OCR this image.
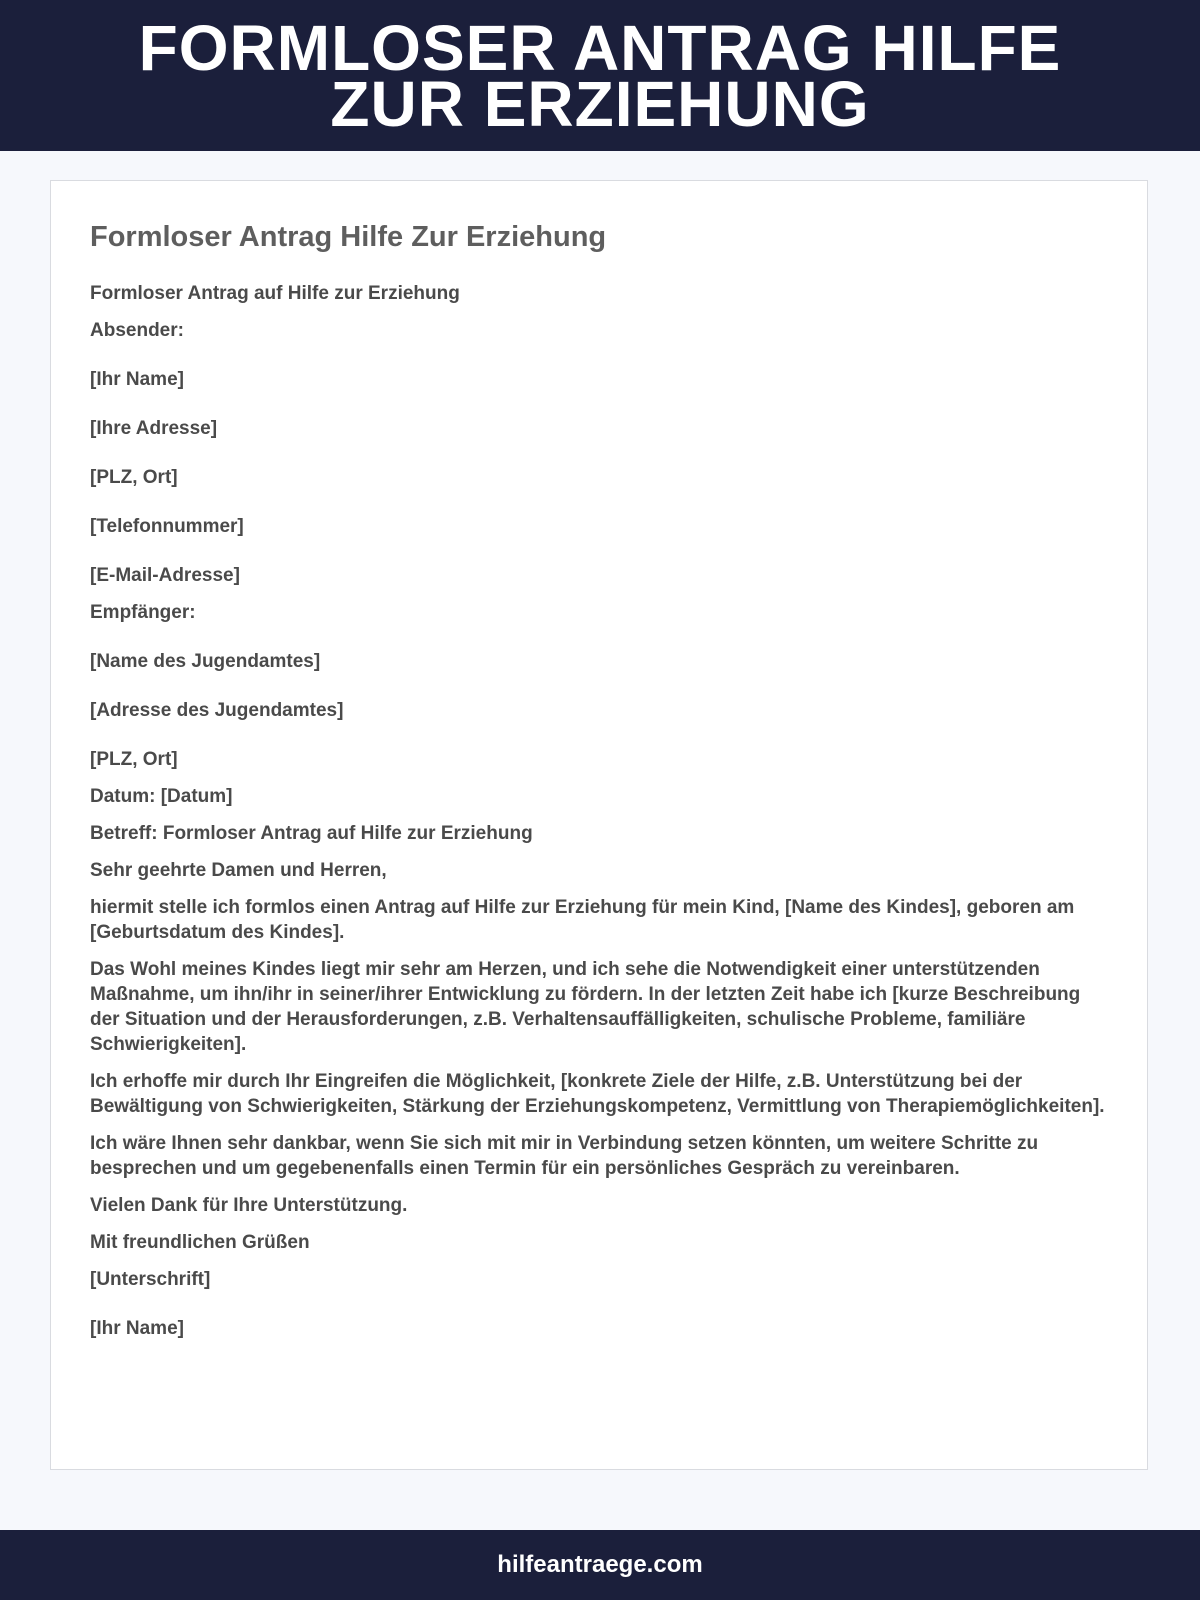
FORMLOSER ANTRAG HILFE
ZUR ERZIEHUNG
Formloser Antrag Hilfe Zur Erziehung

Formloser Antrag auf Hilfe zur Erziehung

Absender:

[Ihr Name]

[Ihre Adresse]

[PLZ, Ort]

[Telefonnummer]

[E-Mail-Adresse]

Empfänger:

[Name des Jugendamtes]

[Adresse des Jugendamtes]

[PLZ, Ort]

Datum: [Datum]

Betreff: Formloser Antrag auf Hilfe zur Erziehung

Sehr geehrte Damen und Herren,

hiermit stelle ich formlos einen Antrag auf Hilfe zur Erziehung für mein Kind, [Name des Kindes], geboren am [Geburtsdatum des Kindes].

Das Wohl meines Kindes liegt mir sehr am Herzen, und ich sehe die Notwendigkeit einer unterstützenden Maßnahme, um ihn/ihr in seiner/ihrer Entwicklung zu fördern. In der letzten Zeit habe ich [kurze Beschreibung der Situation und der Herausforderungen, z.B. Verhaltensauffälligkeiten, schulische Probleme, familiäre Schwierigkeiten].

Ich erhoffe mir durch Ihr Eingreifen die Möglichkeit, [konkrete Ziele der Hilfe, z.B. Unterstützung bei der Bewältigung von Schwierigkeiten, Stärkung der Erziehungskompetenz, Vermittlung von Therapiemöglichkeiten].

Ich wäre Ihnen sehr dankbar, wenn Sie sich mit mir in Verbindung setzen könnten, um weitere Schritte zu besprechen und um gegebenenfalls einen Termin für ein persönliches Gespräch zu vereinbaren.

Vielen Dank für Ihre Unterstützung.

Mit freundlichen Grüßen

[Unterschrift]

[Ihr Name]

hilfeantraege.com
